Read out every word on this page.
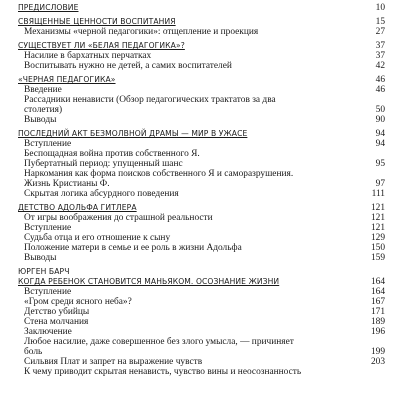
ПРЕДИСЛОВИЕ	10
СВЯЩЕННЫЕ ЦЕННОСТИ ВОСПИТАНИЯ	15
Механизмы «черной педагогики»: отщепление и проекция	27
СУЩЕСТВУЕТ ЛИ «БЕЛАЯ ПЕДАГОГИКА»?	37
Насилие в бархатных перчатках	37
Воспитывать нужно не детей, а самих воспитателей	42
«ЧЕРНАЯ ПЕДАГОГИКА»	46
Введение	46
Рассадники ненависти (Обзор педагогических трактатов за два
столетия)	50
Выводы	90
ПОСЛЕДНИЙ АКТ БЕЗМОЛВНОЙ ДРАМЫ — МИР В УЖАСЕ	94
Вступление	94
Беспощадная война против собственного Я.
Пубертатный период: упущенный шанс	95
Наркомания как форма поисков собственного Я и саморазрушения.
Жизнь Кристианы Ф.	97
Скрытая логика абсурдного поведения	111
ДЕТСТВО АДОЛЬФА ГИТЛЕРА	121
От игры воображения до страшной реальности	121
Вступление	121
Судьба отца и его отношение к сыну	129
Положение матери в семье и ее роль в жизни Адольфа	150
Выводы	159
ЮРГЕН БАРЧ
КОГДА РЕБЕНОК СТАНОВИТСЯ МАНЬЯКОМ. ОСОЗНАНИЕ ЖИЗНИ	164
Вступление	164
«Гром среди ясного неба»?	167
Детство убийцы	171
Стена молчания	189
Заключение	196
Любое насилие, даже совершенное без злого умысла, — причиняет
боль	199
Сильвия Плат и запрет на выражение чувств	203
К чему приводит скрытая ненависть, чувство вины и неосознанность
